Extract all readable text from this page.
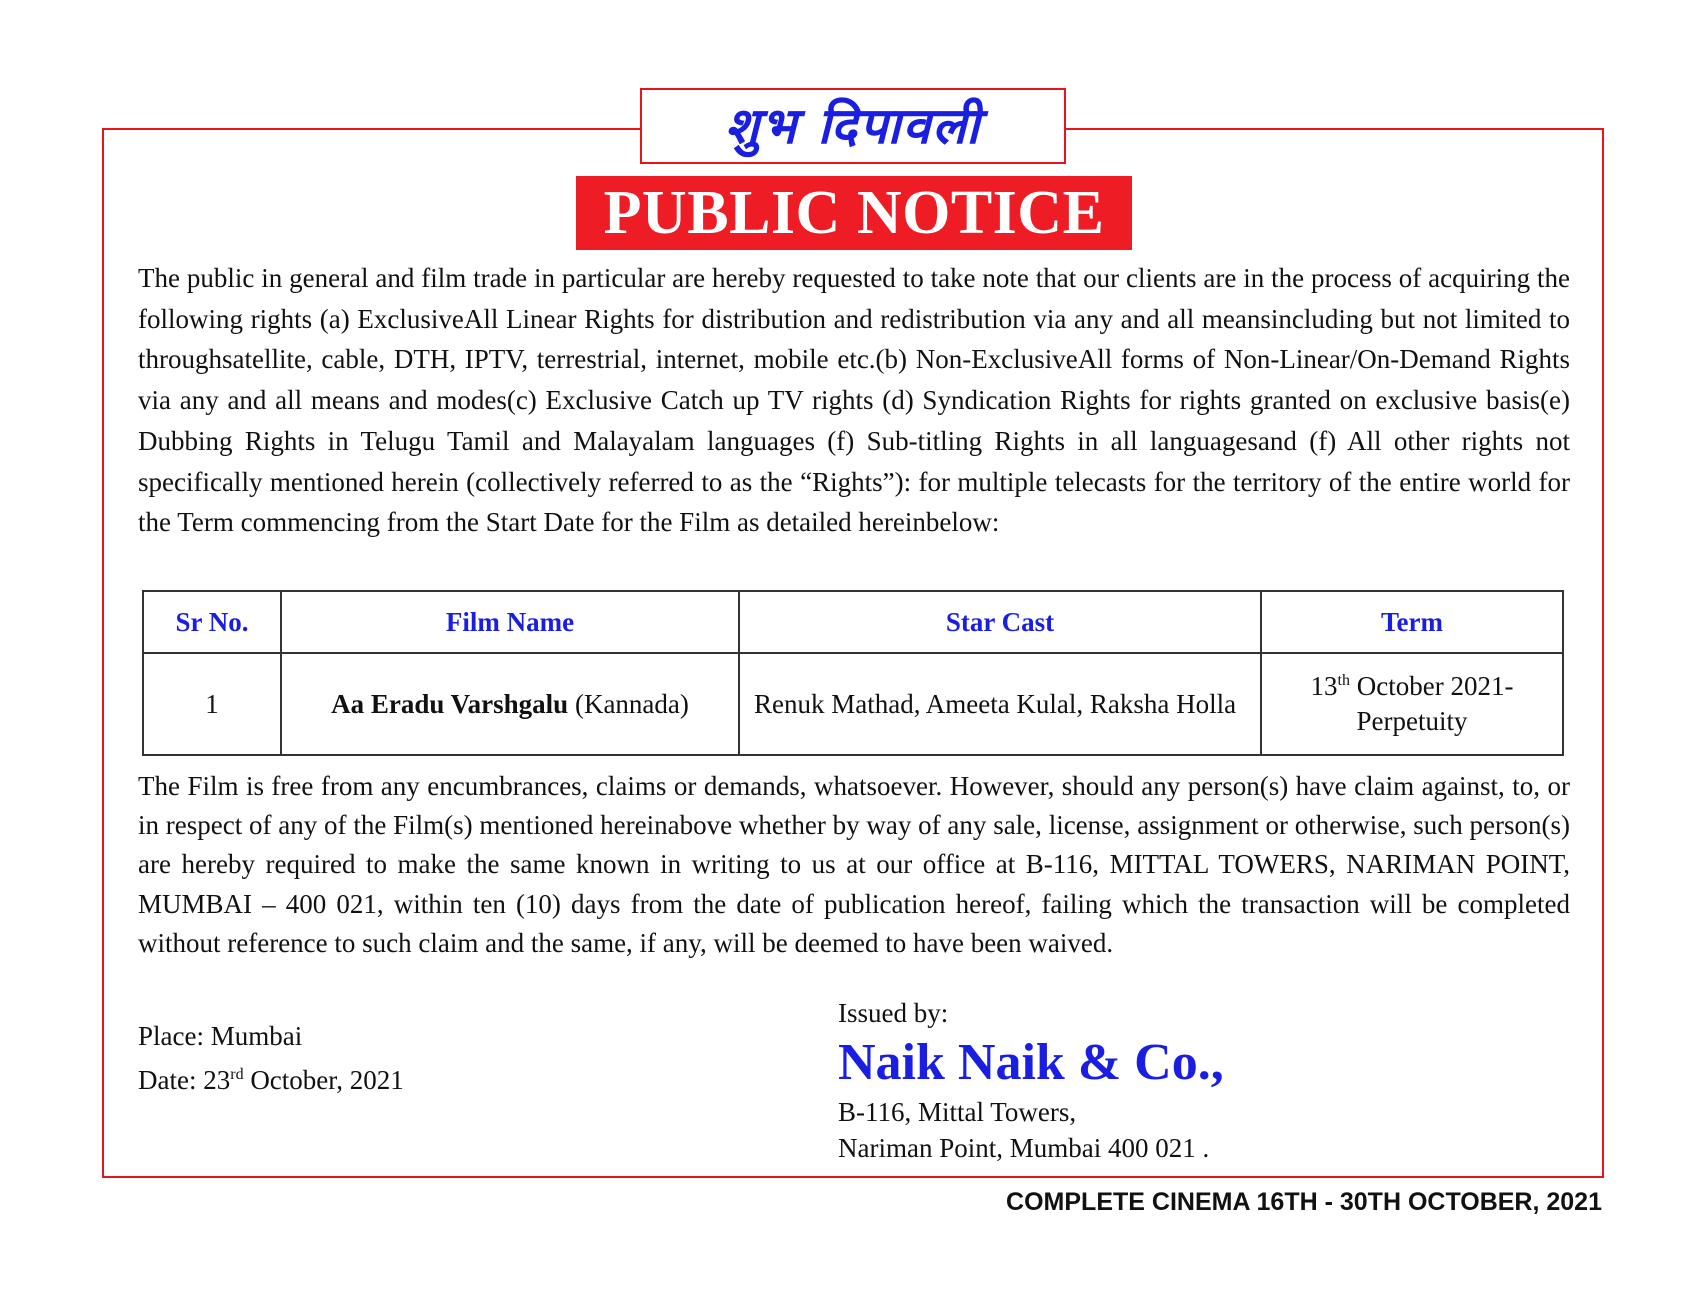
शुभ दिपावली
PUBLIC NOTICE

The public in general and film trade in particular are hereby requested to take note that our clients are in the process of acquiring the following rights (a) ExclusiveAll Linear Rights for distribution and redistribution via any and all meansincluding but not limited to throughsatellite, cable, DTH, IPTV, terrestrial, internet, mobile etc.(b) Non-ExclusiveAll forms of Non-Linear/On-Demand Rights via any and all means and modes(c) Exclusive Catch up TV rights (d) Syndication Rights for rights granted on exclusive basis(e) Dubbing Rights in Telugu Tamil and Malayalam languages (f) Sub-titling Rights in all languagesand (f) All other rights not specifically mentioned herein (collectively referred to as the “Rights”): for multiple telecasts for the territory of the entire world for the Term commencing from the Start Date for the Film as detailed hereinbelow:

Sr No.	Film Name	Star Cast	Term
1	Aa Eradu Varshgalu (Kannada)	Renuk Mathad, Ameeta Kulal, Raksha Holla	13th October 2021-
Perpetuity

The Film is free from any encumbrances, claims or demands, whatsoever. However, should any person(s) have claim against, to, or in respect of any of the Film(s) mentioned hereinabove whether by way of any sale, license, assignment or otherwise, such person(s) are hereby required to make the same known in writing to us at our office at B-116, MITTAL TOWERS, NARIMAN POINT, MUMBAI – 400 021, within ten (10) days from the date of publication hereof, failing which the transaction will be completed without reference to such claim and the same, if any, will be deemed to have been waived.

Place: Mumbai
Date: 23rd October, 2021
Issued by:
Naik Naik & Co.,
B-116, Mittal Towers,
Nariman Point, Mumbai 400 021 .
COMPLETE CINEMA 16TH - 30TH OCTOBER, 2021
